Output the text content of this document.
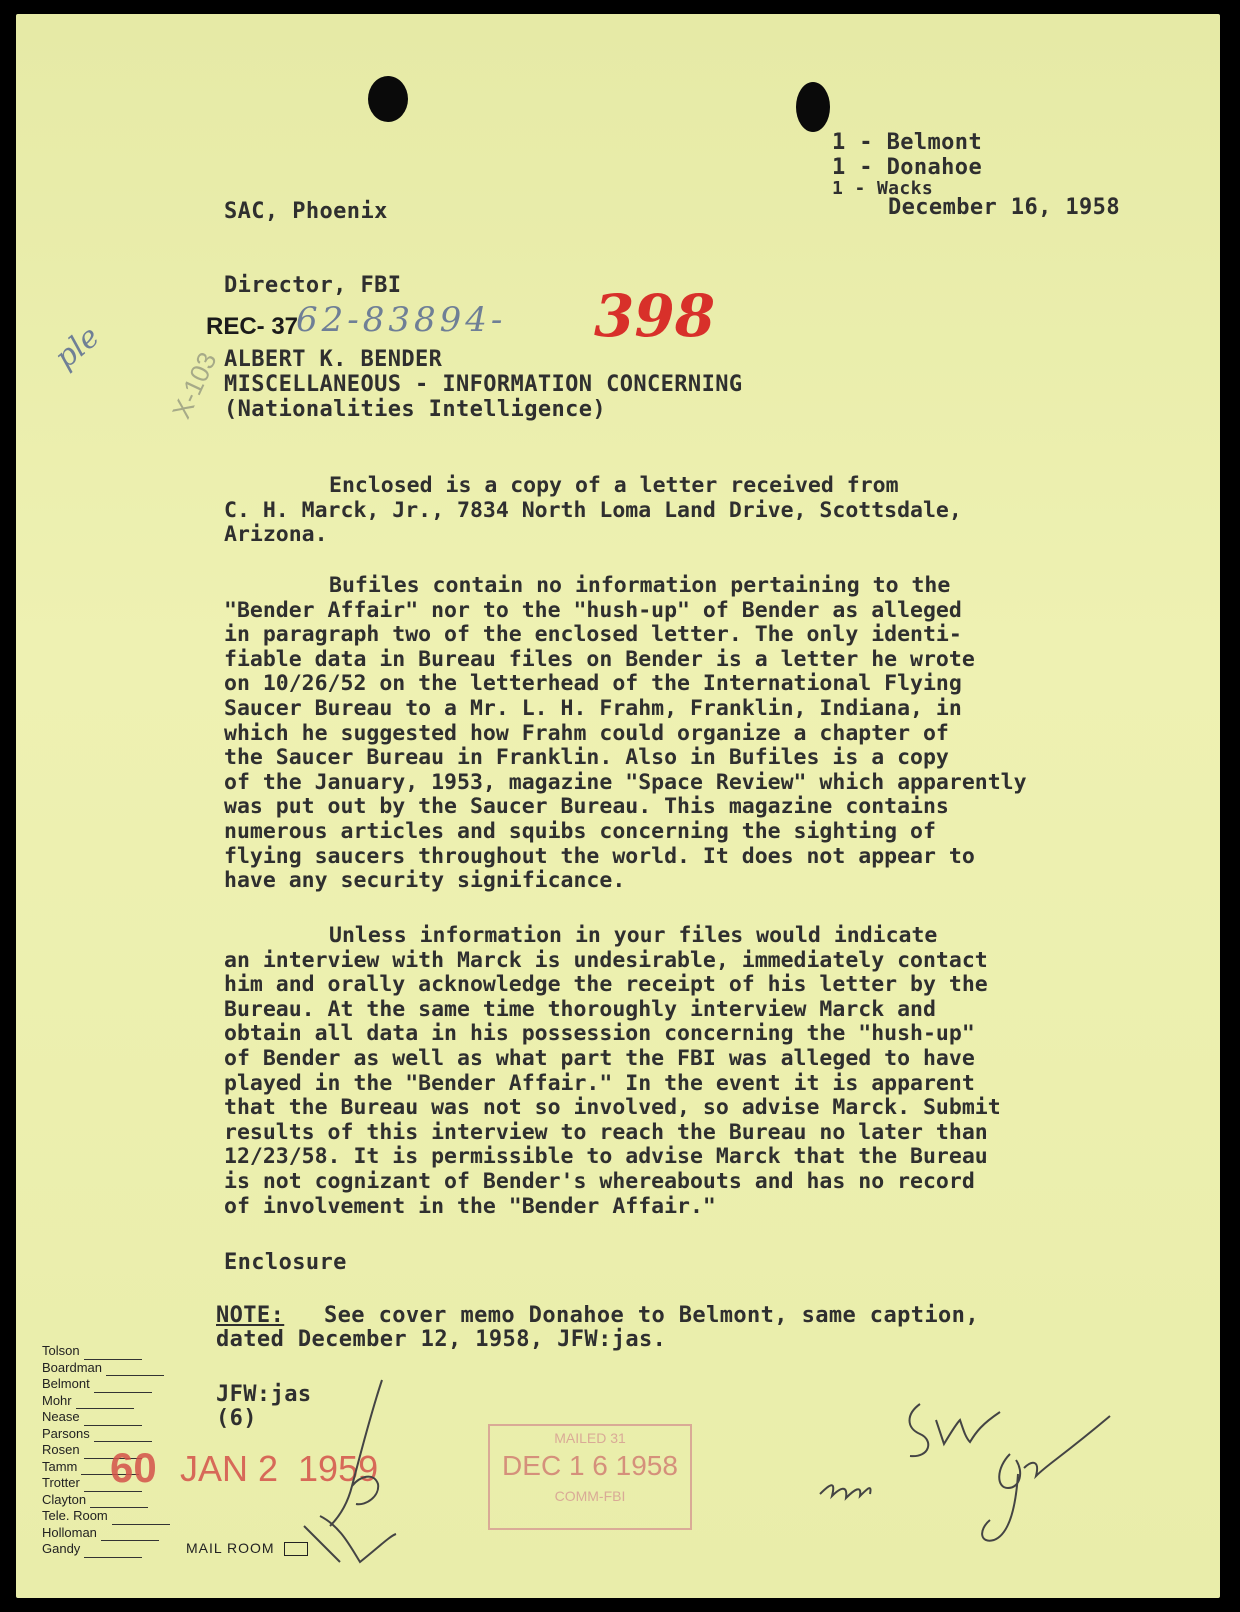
1 - Belmont
1 - Donahoe
1 - Wacks
December 16, 1958
SAC, Phoenix
Director, FBI
REC- 37
62-83894- 398
ple
X-103 ALBERT K. BENDER
MISCELLANEOUS - INFORMATION CONCERNING
(Nationalities Intelligence)

Enclosed is a copy of a letter received from
C. H. Marck, Jr., 7834 North Loma Land Drive, Scottsdale,
Arizona.

Bufiles contain no information pertaining to the
"Bender Affair" nor to the "hush-up" of Bender as alleged
in paragraph two of the enclosed letter. The only identi-
fiable data in Bureau files on Bender is a letter he wrote
on 10/26/52 on the letterhead of the International Flying
Saucer Bureau to a Mr. L. H. Frahm, Franklin, Indiana, in
which he suggested how Frahm could organize a chapter of
the Saucer Bureau in Franklin. Also in Bufiles is a copy
of the January, 1953, magazine "Space Review" which apparently
was put out by the Saucer Bureau. This magazine contains
numerous articles and squibs concerning the sighting of
flying saucers throughout the world. It does not appear to
have any security significance.

Unless information in your files would indicate
an interview with Marck is undesirable, immediately contact
him and orally acknowledge the receipt of his letter by the
Bureau. At the same time thoroughly interview Marck and
obtain all data in his possession concerning the "hush-up"
of Bender as well as what part the FBI was alleged to have
played in the "Bender Affair." In the event it is apparent
that the Bureau was not so involved, so advise Marck. Submit
results of this interview to reach the Bureau no later than
12/23/58. It is permissible to advise Marck that the Bureau
is not cognizant of Bender's whereabouts and has no record
of involvement in the "Bender Affair."

Enclosure
NOTE:	See cover memo Donahoe to Belmont, same caption,
dated December 12, 1958, JFW:jas.
JFW:jas
(6)
Tolson
Boardman
Belmont
Mohr
Nease
Parsons
Rosen
Tamm
Trotter
Clayton
Tele. Room
Holloman
Gandy	MAIL ROOM
60 JAN 2  1959
MAILED 31
DEC 1 6 1958
COMM-FBI
